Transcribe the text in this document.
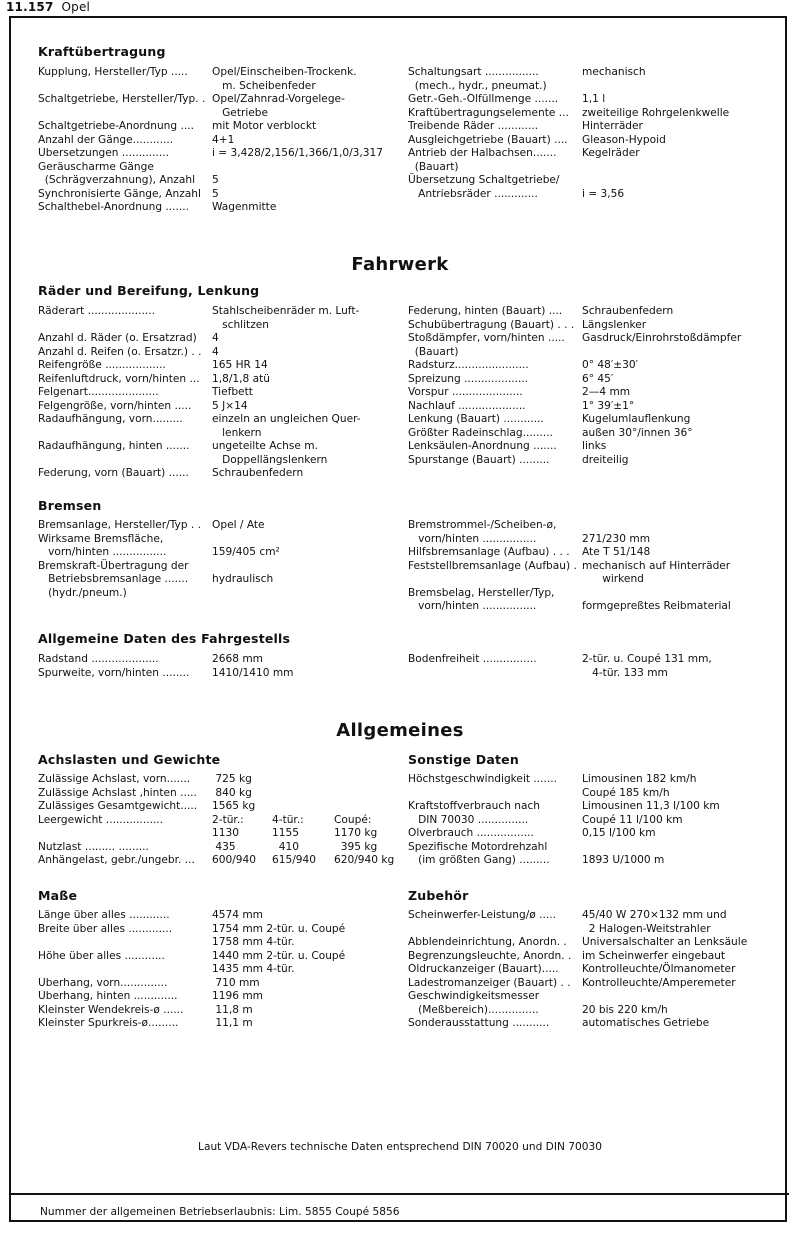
11.157 Opel
Kraftübertragung
Kupplung, Hersteller/Typ .....	Opel/Einscheiben-Trockenk.
m. Scheibenfeder
Schaltgetriebe, Hersteller/Typ. . Opel/Zahnrad-Vorgelege-
Getriebe
Schaltgetriebe-Anordnung ....	mit Motor verblockt
Anzahl der Gänge............	4+1
Übersetzungen ..............	i = 3,428/2,156/1,366/1,0/3,317
Geräuscharme Gänge
(Schrägverzahnung), Anzahl	5
Synchronisierte Gänge, Anzahl	5
Schalthebel-Anordnung .......	Wagenmitte
Schaltungsart ................	mechanisch
(mech., hydr., pneumat.)
Getr.-Geh.-Ölfüllmenge .......	1,1 l
Kraftübertragungselemente ...	zweiteilige Rohrgelenkwelle
Treibende Räder ............	Hinterräder
Ausgleichgetriebe (Bauart) ....	Gleason-Hypoid
Antrieb der Halbachsen.......	Kegelräder
(Bauart)
Übersetzung Schaltgetriebe/
Antriebsräder .............	i = 3,56
Fahrwerk
Räder und Bereifung, Lenkung
Räderart ....................	Stahlscheibenräder m. Luft-
schlitzen
Anzahl d. Räder (o. Ersatzrad)	4
Anzahl d. Reifen (o. Ersatzr.) . . 4
Reifengröße ..................	165 HR 14
Reifenluftdruck, vorn/hinten ...	1,8/1,8 atü
Felgenart.....................	Tiefbett
Felgengröße, vorn/hinten .....	5 J×14
Radaufhängung, vorn.........	einzeln an ungleichen Quer-
lenkern
Radaufhängung, hinten .......	ungeteilte Achse m.
Doppellängslenkern
Federung, vorn (Bauart) ......	Schraubenfedern
Federung, hinten (Bauart) ....	Schraubenfedern
Schubübertragung (Bauart) . . . Längslenker
Stoßdämpfer, vorn/hinten .....	Gasdruck/Einrohrstoßdämpfer
(Bauart)
Radsturz......................	0° 48′±30′
Spreizung ...................	6° 45′
Vorspur .....................	2—4 mm
Nachlauf ....................	1° 39′±1°
Lenkung (Bauart) ............	Kugelumlauflenkung
Größter Radeinschlag.........	außen 30°/innen 36°
Lenksäulen-Anordnung .......	links
Spurstange (Bauart) .........	dreiteilig
Bremsen
Bremsanlage, Hersteller/Typ . .	Opel / Ate
Wirksame Bremsfläche,
vorn/hinten ................	159/405 cm²
Bremskraft-Übertragung der
Betriebsbremsanlage .......	hydraulisch
(hydr./pneum.)
Bremstrommel-/Scheiben-ø,
vorn/hinten ................	271/230 mm
Hilfsbremsanlage (Aufbau) . . .	Ate T 51/148
Feststellbremsanlage (Aufbau) . mechanisch auf Hinterräder
wirkend
Bremsbelag, Hersteller/Typ,
vorn/hinten ................	formgepreßtes Reibmaterial
Allgemeine Daten des Fahrgestells
Radstand ....................	2668 mm
Spurweite, vorn/hinten ........	1410/1410 mm
Bodenfreiheit ................	2-tür. u. Coupé 131 mm,
4-tür. 133 mm
Allgemeines
Achslasten und Gewichte
Zulässige Achslast, vorn.......	725 kg
Zulässige Achslast ,hinten .....	840 kg
Zulässiges Gesamtgewicht.....	1565 kg
Leergewicht .................	2-tür.:	4-tür.:	Coupé:
1130	1155	1170 kg
Nutzlast ......... .........	435	410	395 kg
Anhängelast, gebr./ungebr. ...	600/940	615/940	620/940 kg
Sonstige Daten
Höchstgeschwindigkeit .......	Limousinen 182 km/h
Coupé 185 km/h
Kraftstoffverbrauch nach	Limousinen 11,3 l/100 km
DIN 70030 ...............	Coupé 11 l/100 km
Ölverbrauch .................	0,15 l/100 km
Spezifische Motordrehzahl
(im größten Gang) .........	1893 U/1000 m
Maße
Länge über alles ............	4574 mm
Breite über alles .............	1754 mm 2-tür. u. Coupé
1758 mm 4-tür.
Höhe über alles ............	1440 mm 2-tür. u. Coupé
1435 mm 4-tür.
Überhang, vorn..............	710 mm
Überhang, hinten .............	1196 mm
Kleinster Wendekreis-ø ......	11,8 m
Kleinster Spurkreis-ø.........	11,1 m
Zubehör
Scheinwerfer-Leistung/ø .....	45/40 W 270×132 mm und
2 Halogen-Weitstrahler
Abblendeinrichtung, Anordn. .	Universalschalter an Lenksäule
Begrenzungsleuchte, Anordn. .	im Scheinwerfer eingebaut
Öldruckanzeiger (Bauart).....	Kontrolleuchte/Ölmanometer
Ladestromanzeiger (Bauart) . .	Kontrolleuchte/Amperemeter
Geschwindigkeitsmesser
(Meßbereich)...............	20 bis 220 km/h
Sonderausstattung ...........	automatisches Getriebe
Laut VDA-Revers technische Daten entsprechend DIN 70020 und DIN 70030
Nummer der allgemeinen Betriebserlaubnis: Lim. 5855 Coupé 5856
